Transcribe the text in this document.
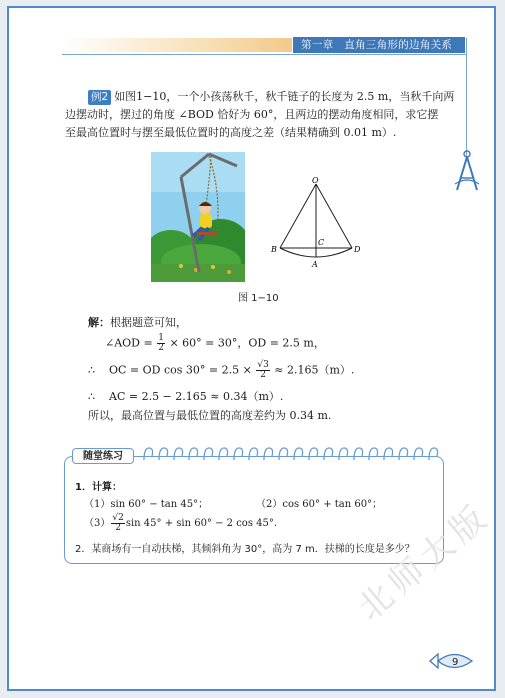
第一章　直角三角形的边角关系
例2 如图1−10，一个小孩荡秋千，秋千链子的长度为 2.5 m，当秋千向两
边摆动时，摆过的角度 ∠BOD 恰好为 60°，且两边的摆动角度相同，求它摆
至最高位置时与摆至最低位置时的高度之差（结果精确到 0.01 m）.
O
B
C
D
A
图 1−10
解：根据题意可知，
∠AOD = $\frac{1}{2} \times 60^\circ = 30^\circ$，OD = 2.5 m，
∴ OC = OD $\cos 30^\circ = 2.5 \times \frac{√3}{2} \approx 2.165(m)$.
∴ AC = 2.5 − 2.165 ≈ 0.34（m）.
所以，最高位置与最低位置的高度差约为 0.34 m.
随堂练习
1．计算：
（1）sin 60° − tan 45°；	（2）cos 60° + tan 60°；
$(3) \frac{√2}{2}$ sin 45° + sin 60° − 2 cos 45°.
2．某商场有一自动扶梯，其倾斜角为 30°，高为 7 m．扶梯的长度是多少？
北师大版
9
